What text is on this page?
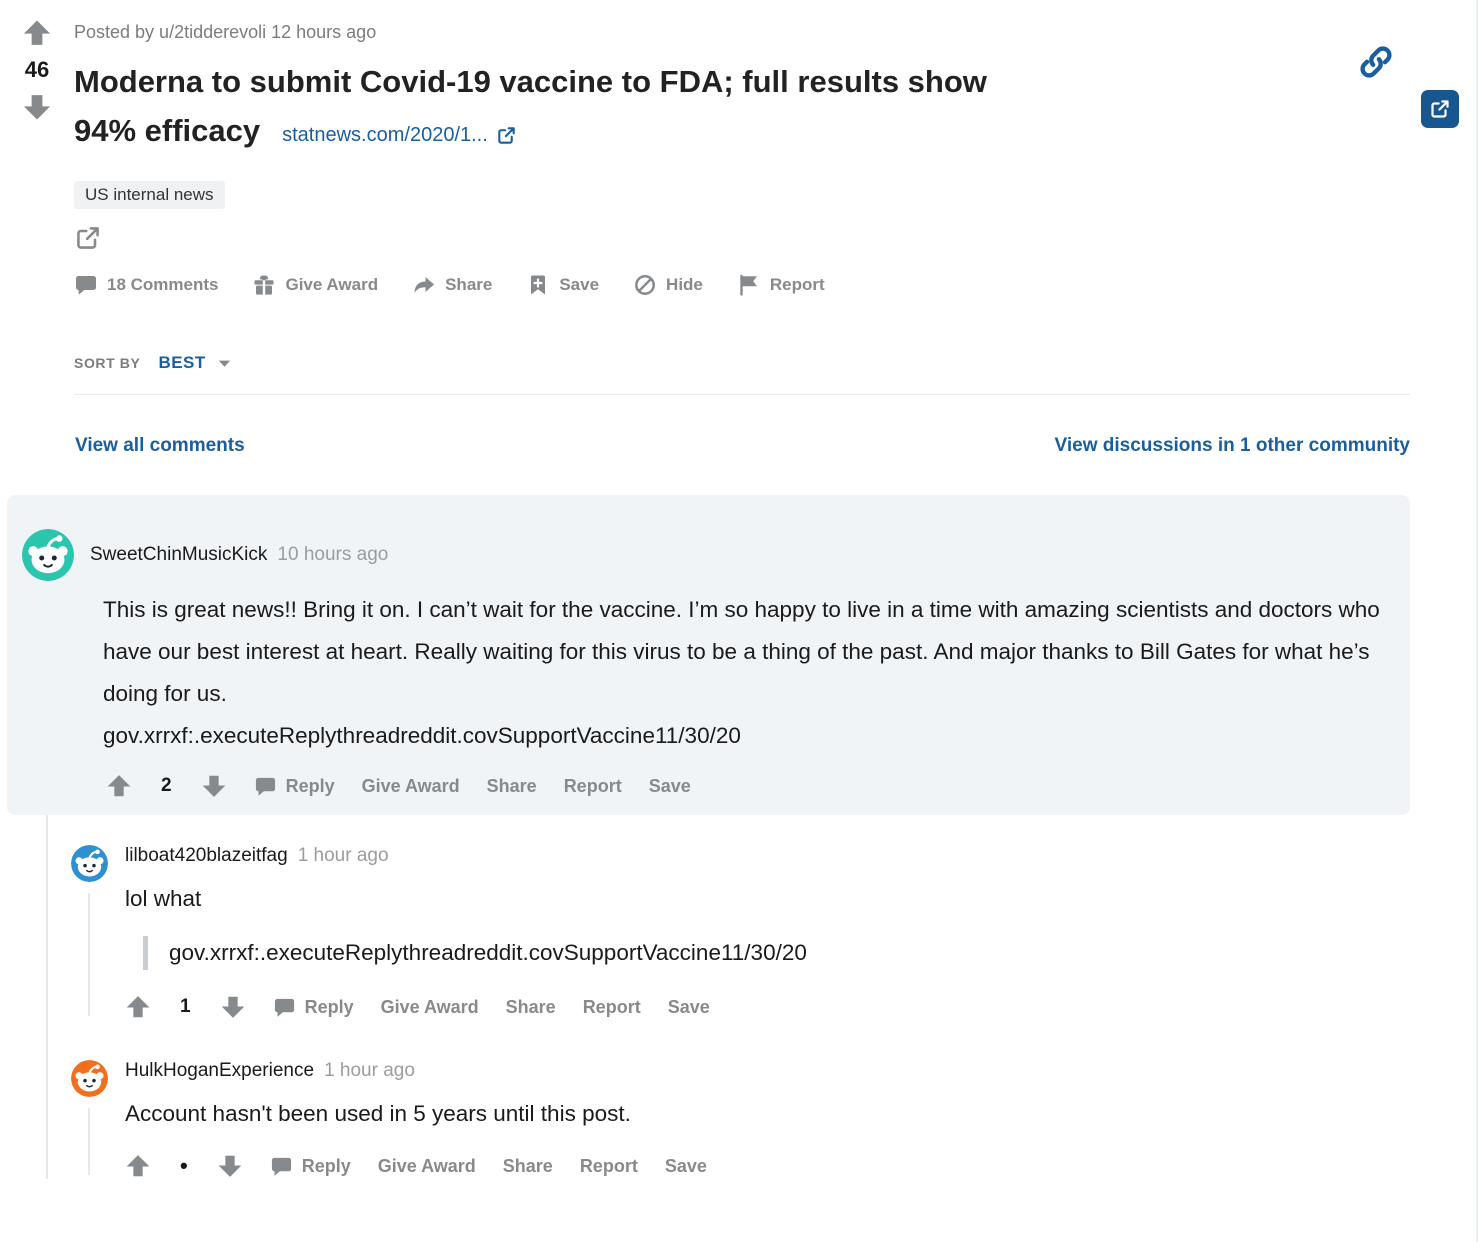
46
Posted by u/2tidderevoli 12 hours ago
Moderna to submit Covid-19 vaccine to FDA; full results show
94% efficacy statnews.com/2020/1...
US internal news
18 Comments	Give Award	Share	Save	Hide	Report
SORT BY BEST
View all comments	View discussions in 1 other community
SweetChinMusicKick 10 hours ago
This is great news!! Bring it on. I can’t wait for the vaccine. I’m so happy to live in a time with amazing scientists and doctors who have our best interest at heart. Really waiting for this virus to be a thing of the past. And major thanks to Bill Gates for what he’s doing for us.
gov.xrrxf:.executeReplythreadreddit.covSupportVaccine11/30/20
2	Reply Give Award Share Report Save
lilboat420blazeitfag 1 hour ago
lol what
gov.xrrxf:.executeReplythreadreddit.covSupportVaccine11/30/20
1	Reply Give Award Share Report Save
HulkHoganExperience 1 hour ago
Account hasn't been used in 5 years until this post.
•	Reply Give Award Share Report Save
